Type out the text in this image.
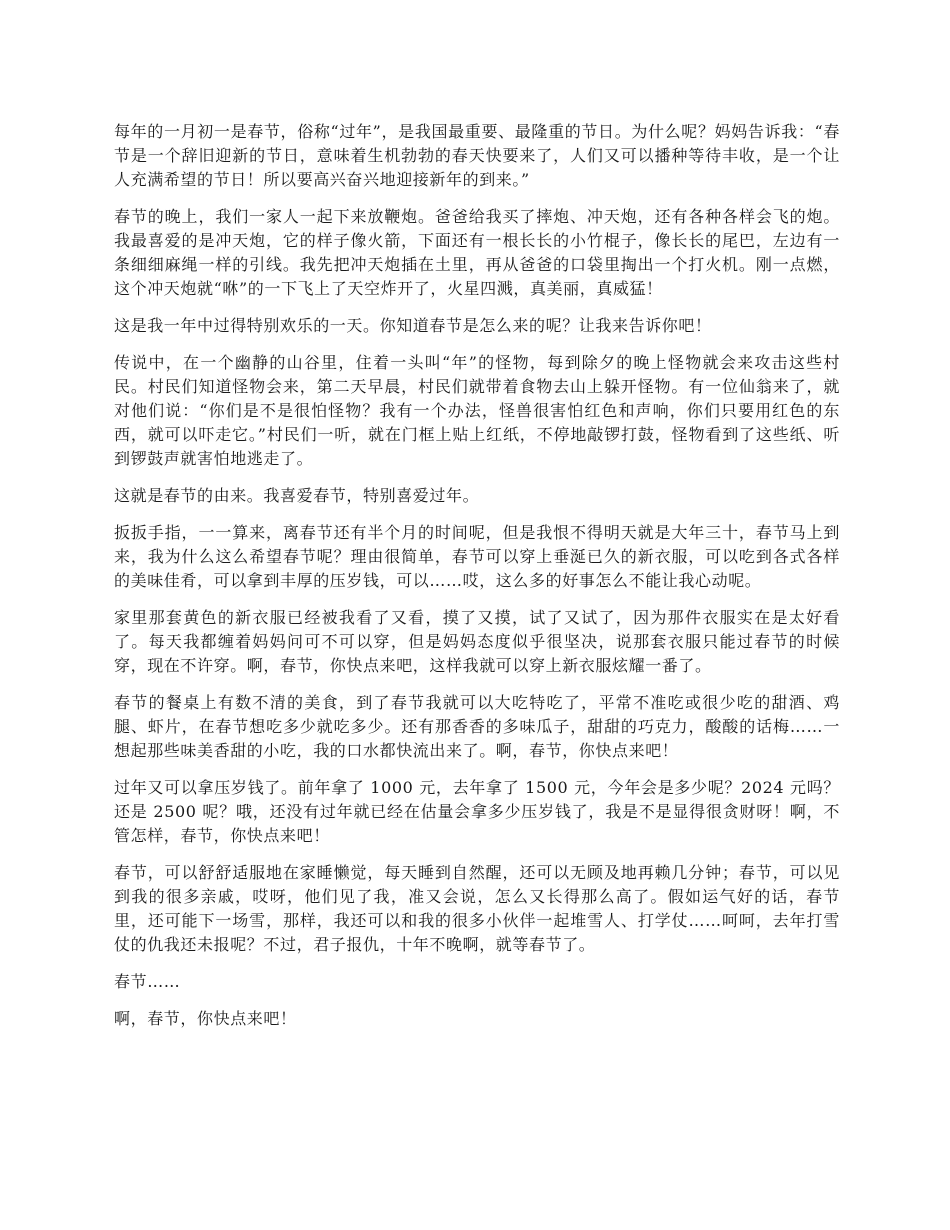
每年的一月初一是春节，俗称“过年”，是我国最重要、最隆重的节日。为什么呢？妈妈告诉我：“春节是一个辞旧迎新的节日，意味着生机勃勃的春天快要来了，人们又可以播种等待丰收，是一个让人充满希望的节日！所以要高兴奋兴地迎接新年的到来。”

春节的晚上，我们一家人一起下来放鞭炮。爸爸给我买了摔炮、冲天炮，还有各种各样会飞的炮。我最喜爱的是冲天炮，它的样子像火箭，下面还有一根长长的小竹棍子，像长长的尾巴，左边有一条细细麻绳一样的引线。我先把冲天炮插在土里，再从爸爸的口袋里掏出一个打火机。刚一点燃，这个冲天炮就“咻”的一下飞上了天空炸开了，火星四溅，真美丽，真威猛！

这是我一年中过得特别欢乐的一天。你知道春节是怎么来的呢？让我来告诉你吧！

传说中，在一个幽静的山谷里，住着一头叫“年”的怪物，每到除夕的晚上怪物就会来攻击这些村民。村民们知道怪物会来，第二天早晨，村民们就带着食物去山上躲开怪物。有一位仙翁来了，就对他们说：“你们是不是很怕怪物？我有一个办法，怪兽很害怕红色和声响，你们只要用红色的东西，就可以吓走它。”村民们一听，就在门框上贴上红纸，不停地敲锣打鼓，怪物看到了这些纸、听到锣鼓声就害怕地逃走了。

这就是春节的由来。我喜爱春节，特别喜爱过年。

扳扳手指，一一算来，离春节还有半个月的时间呢，但是我恨不得明天就是大年三十，春节马上到来，我为什么这么希望春节呢？理由很简单，春节可以穿上垂涎已久的新衣服，可以吃到各式各样的美味佳肴，可以拿到丰厚的压岁钱，可以……哎，这么多的好事怎么不能让我心动呢。

家里那套黄色的新衣服已经被我看了又看，摸了又摸，试了又试了，因为那件衣服实在是太好看了。每天我都缠着妈妈问可不可以穿，但是妈妈态度似乎很坚决，说那套衣服只能过春节的时候穿，现在不许穿。啊，春节，你快点来吧，这样我就可以穿上新衣服炫耀一番了。

春节的餐桌上有数不清的美食，到了春节我就可以大吃特吃了，平常不准吃或很少吃的甜酒、鸡腿、虾片，在春节想吃多少就吃多少。还有那香香的多味瓜子，甜甜的巧克力，酸酸的话梅……一想起那些味美香甜的小吃，我的口水都快流出来了。啊，春节，你快点来吧！

过年又可以拿压岁钱了。前年拿了 1000 元，去年拿了 1500 元，今年会是多少呢？2024 元吗？还是 2500 呢？哦，还没有过年就已经在估量会拿多少压岁钱了，我是不是显得很贪财呀！啊，不管怎样，春节，你快点来吧！

春节，可以舒舒适服地在家睡懒觉，每天睡到自然醒，还可以无顾及地再赖几分钟；春节，可以见到我的很多亲戚，哎呀，他们见了我，准又会说，怎么又长得那么高了。假如运气好的话，春节里，还可能下一场雪，那样，我还可以和我的很多小伙伴一起堆雪人、打学仗……呵呵，去年打雪仗的仇我还未报呢？不过，君子报仇，十年不晚啊，就等春节了。

春节……

啊，春节，你快点来吧！
